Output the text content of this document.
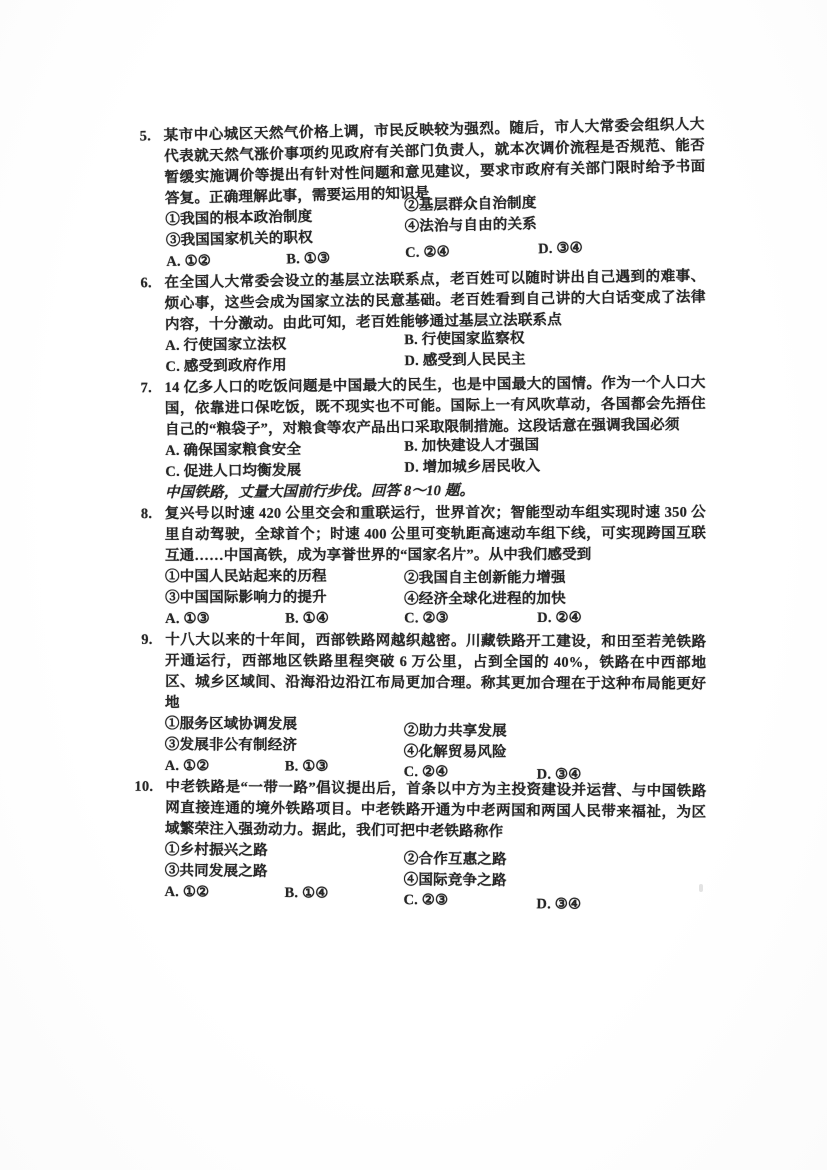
5. 某市中心城区天然气价格上调，市民反映较为强烈。随后，市人大常委会组织人大代表就天然气涨价事项约见政府有关部门负责人，就本次调价流程是否规范、能否暂缓实施调价等提出有针对性问题和意见建议，要求市政府有关部门限时给予书面答复。正确理解此事，需要运用的知识是

①我国的根本政治制度
②基层群众自治制度
③我国国家机关的职权
④法治与自由的关系
A. ①②	B. ①③	C. ②④	D. ③④
6. 在全国人大常委会设立的基层立法联系点，老百姓可以随时讲出自己遇到的难事、烦心事，这些会成为国家立法的民意基础。老百姓看到自己讲的大白话变成了法律内容，十分激动。由此可知，老百姓能够通过基层立法联系点

A. 行使国家立法权	B. 行使国家监察权
C. 感受到政府作用	D. 感受到人民民主
7. 14 亿多人口的吃饭问题是中国最大的民生，也是中国最大的国情。作为一个人口大国，依靠进口保吃饭，既不现实也不可能。国际上一有风吹草动，各国都会先捂住自己的“粮袋子”，对粮食等农产品出口采取限制措施。这段话意在强调我国必须

A. 确保国家粮食安全	B. 加快建设人才强国
C. 促进人口均衡发展	D. 增加城乡居民收入

中国铁路，丈量大国前行步伐。回答 8～10 题。

8. 复兴号以时速 420 公里交会和重联运行，世界首次；智能型动车组实现时速 350 公里自动驾驶，全球首个；时速 400 公里可变轨距高速动车组下线，可实现跨国互联互通……中国高铁，成为享誉世界的“国家名片”。从中我们感受到

①中国人民站起来的历程	②我国自主创新能力增强
③中国国际影响力的提升	④经济全球化进程的加快
A. ①③	B. ①④	C. ②③	D. ②④
9. 十八大以来的十年间，西部铁路网越织越密。川藏铁路开工建设，和田至若羌铁路开通运行，西部地区铁路里程突破 6 万公里，占到全国的 40%，铁路在中西部地区、城乡区域间、沿海沿边沿江布局更加合理。称其更加合理在于这种布局能更好地

①服务区域协调发展	②助力共享发展
③发展非公有制经济	④化解贸易风险
A. ①②	B. ①③	C. ②④	D. ③④
10. 中老铁路是“一带一路”倡议提出后，首条以中方为主投资建设并运营、与中国铁路网直接连通的境外铁路项目。中老铁路开通为中老两国和两国人民带来福祉，为区域繁荣注入强劲动力。据此，我们可把中老铁路称作

①乡村振兴之路
②合作互惠之路
③共同发展之路
④国际竞争之路
A. ①②	B. ①④	C. ②③	D. ③④
